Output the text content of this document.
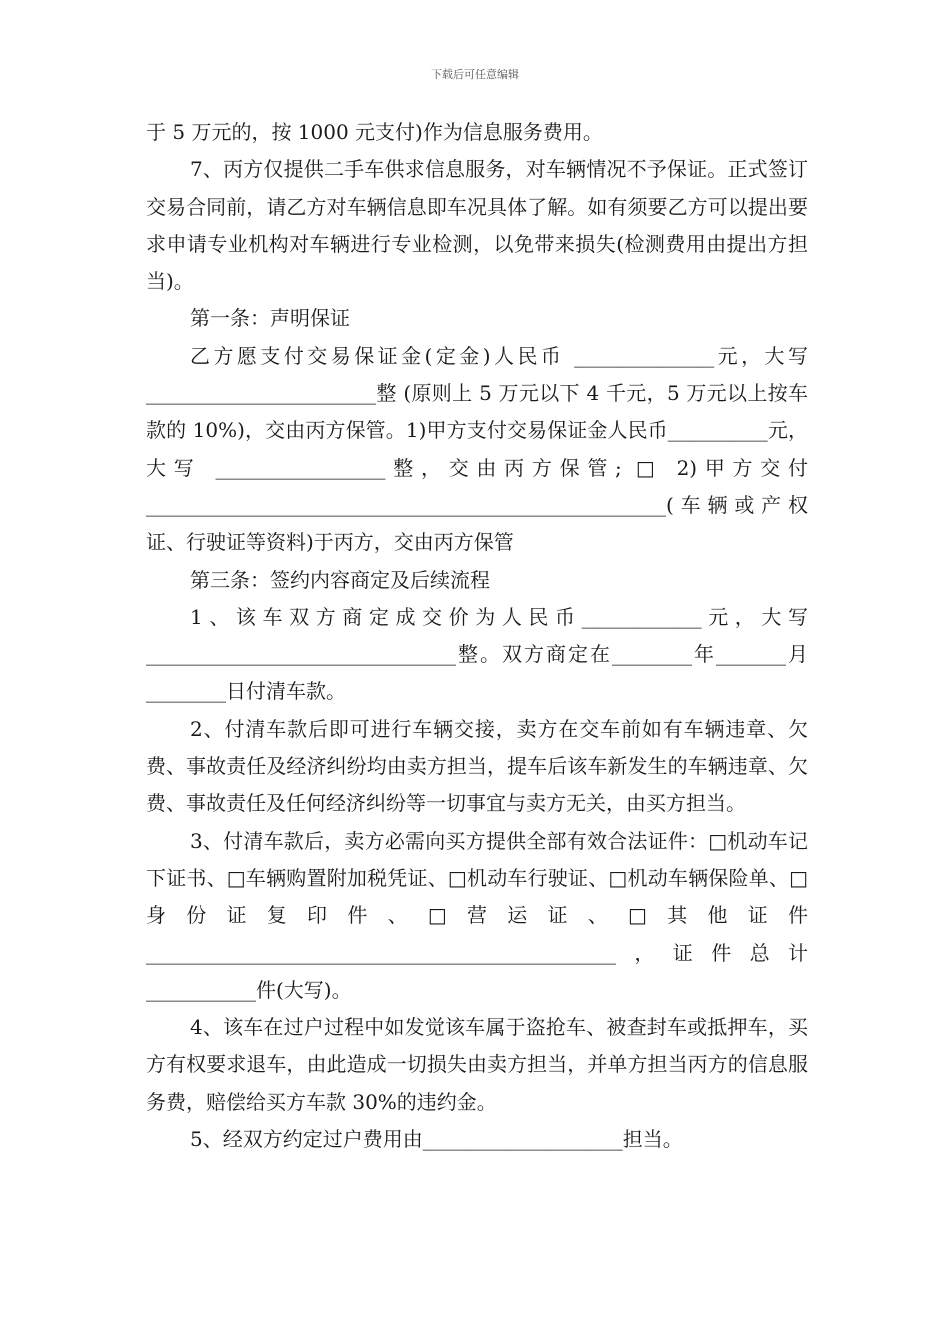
下载后可任意编辑

于 5 万元的，按 1000 元支付)作为信息服务费用。

7、丙方仅提供二手车供求信息服务，对车辆情况不予保证。正式签订交易合同前，请乙方对车辆信息即车况具体了解。如有须要乙方可以提出要求申请专业机构对车辆进行专业检测，以免带来损失(检测费用由提出方担当)。

第一条：声明保证

乙方愿支付交易保证金(定金)人民币 ______________元，大写_______________________整 (原则上 5 万元以下 4 千元，5 万元以上按车款的 10%)，交由丙方保管。1)甲方支付交易保证金人民币__________元，大写 _________________整，交由丙方保管; □ 2)甲方交付____________________________________________________(车辆或产权证、行驶证等资料)于丙方，交由丙方保管

第三条：签约内容商定及后续流程

1、该车双方商定成交价为人民币____________元，大写_______________________________整。双方商定在________年_______月________日付清车款。

2、付清车款后即可进行车辆交接，卖方在交车前如有车辆违章、欠费、事故责任及经济纠纷均由卖方担当，提车后该车新发生的车辆违章、欠费、事故责任及任何经济纠纷等一切事宜与卖方无关，由买方担当。

3、付清车款后，卖方必需向买方提供全部有效合法证件：□机动车记下证书、□车辆购置附加税凭证、□机动车行驶证、□机动车辆保险单、□身份证复印件、□营运证、□其他证件_______________________________________________，证件总计___________件(大写)。

4、该车在过户过程中如发觉该车属于盗抢车、被查封车或抵押车，买方有权要求退车，由此造成一切损失由卖方担当，并单方担当丙方的信息服务费，赔偿给买方车款 30%的违约金。

5、经双方约定过户费用由____________________担当。
